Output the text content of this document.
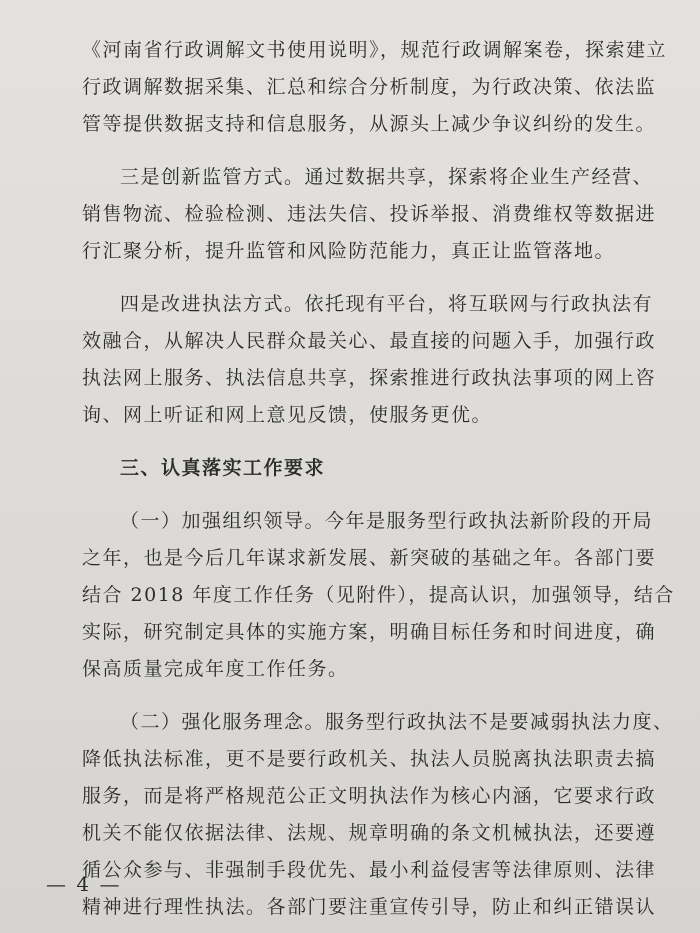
《河南省行政调解文书使用说明》，规范行政调解案卷，探索建立
行政调解数据采集、汇总和综合分析制度，为行政决策、依法监
管等提供数据支持和信息服务，从源头上减少争议纠纷的发生。
三是创新监管方式。通过数据共享，探索将企业生产经营、
销售物流、检验检测、违法失信、投诉举报、消费维权等数据进
行汇聚分析，提升监管和风险防范能力，真正让监管落地。
四是改进执法方式。依托现有平台，将互联网与行政执法有
效融合，从解决人民群众最关心、最直接的问题入手，加强行政
执法网上服务、执法信息共享，探索推进行政执法事项的网上咨
询、网上听证和网上意见反馈，使服务更优。
三、认真落实工作要求
（一）加强组织领导。今年是服务型行政执法新阶段的开局
之年，也是今后几年谋求新发展、新突破的基础之年。各部门要
结合 2018 年度工作任务（见附件），提高认识，加强领导，结合
实际，研究制定具体的实施方案，明确目标任务和时间进度，确
保高质量完成年度工作任务。
（二）强化服务理念。服务型行政执法不是要减弱执法力度、
降低执法标准，更不是要行政机关、执法人员脱离执法职责去搞
服务，而是将严格规范公正文明执法作为核心内涵，它要求行政
机关不能仅依据法律、法规、规章明确的条文机械执法，还要遵
循公众参与、非强制手段优先、最小利益侵害等法律原则、法律
精神进行理性执法。各部门要注重宣传引导，防止和纠正错误认
— 4 —
